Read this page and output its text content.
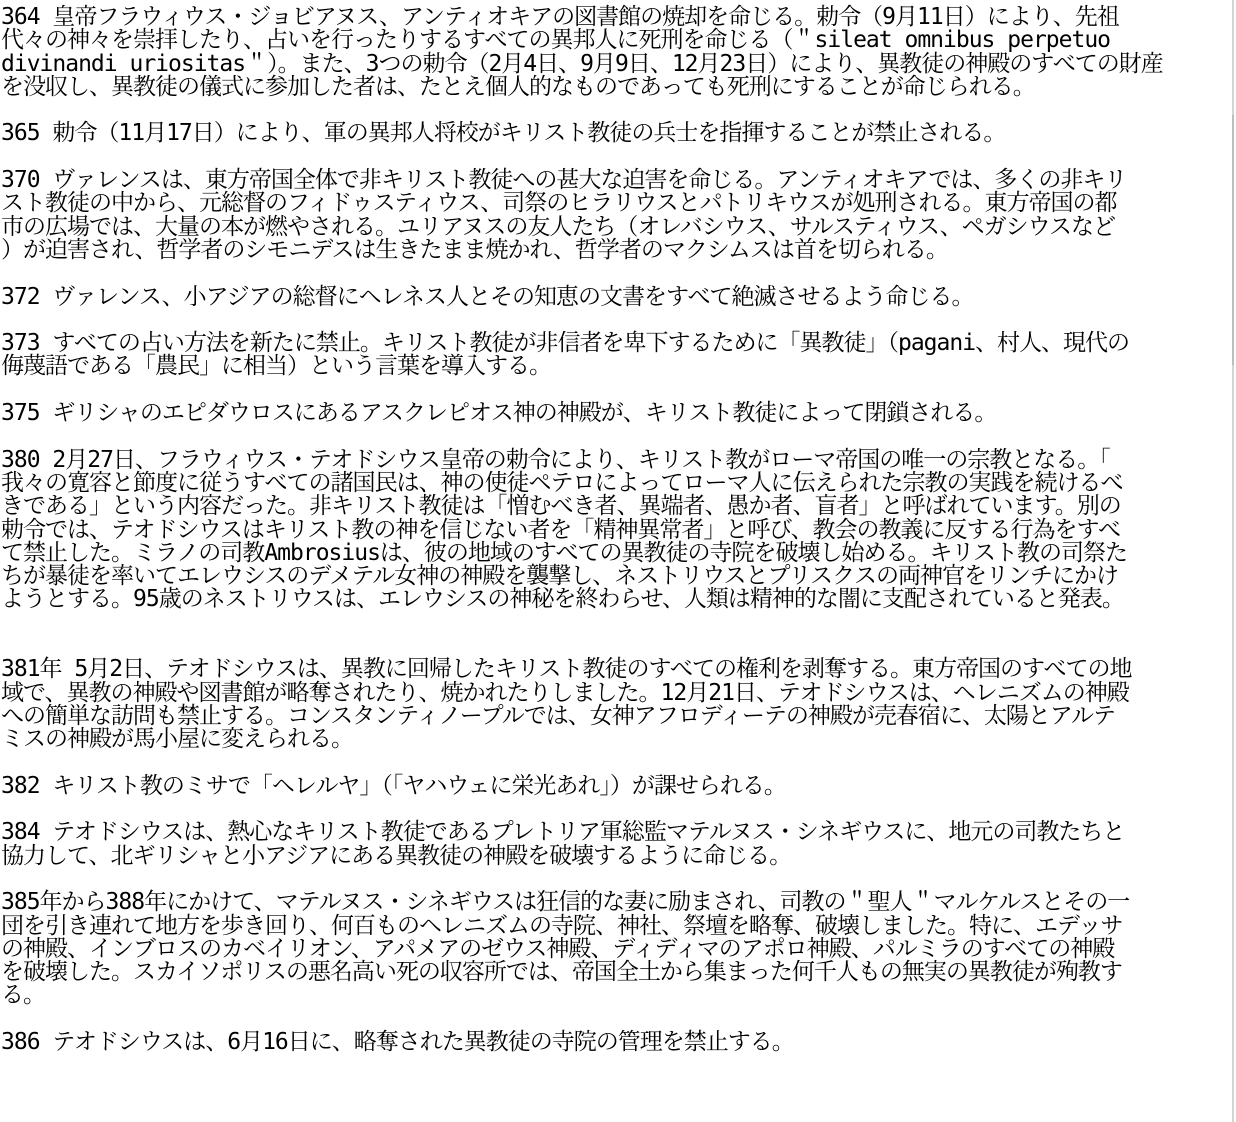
364 皇帝フラウィウス・ジョビアヌス、アンティオキアの図書館の焼却を命じる。勅令（9月11日）により、先祖
代々の神々を崇拝したり、占いを行ったりするすべての異邦人に死刑を命じる（＂sileat omnibus perpetuo
divinandi uriositas＂）。また、3つの勅令（2月4日、9月9日、12月23日）により、異教徒の神殿のすべての財産
を没収し、異教徒の儀式に参加した者は、たとえ個人的なものであっても死刑にすることが命じられる。
365 勅令（11月17日）により、軍の異邦人将校がキリスト教徒の兵士を指揮することが禁止される。
370 ヴァレンスは、東方帝国全体で非キリスト教徒への甚大な迫害を命じる。アンティオキアでは、多くの非キリ
スト教徒の中から、元総督のフィドゥスティウス、司祭のヒラリウスとパトリキウスが処刑される。東方帝国の都
市の広場では、大量の本が燃やされる。ユリアヌスの友人たち（オレバシウス、サルスティウス、ペガシウスなど
）が迫害され、哲学者のシモニデスは生きたまま焼かれ、哲学者のマクシムスは首を切られる。
372 ヴァレンス、小アジアの総督にヘレネス人とその知恵の文書をすべて絶滅させるよう命じる。
373 すべての占い方法を新たに禁止。キリスト教徒が非信者を卑下するために「異教徒」（pagani、村人、現代の
侮蔑語である「農民」に相当）という言葉を導入する。
375 ギリシャのエピダウロスにあるアスクレピオス神の神殿が、キリスト教徒によって閉鎖される。
380 2月27日、フラウィウス・テオドシウス皇帝の勅令により、キリスト教がローマ帝国の唯一の宗教となる。「
我々の寛容と節度に従うすべての諸国民は、神の使徒ペテロによってローマ人に伝えられた宗教の実践を続けるべ
きである」という内容だった。非キリスト教徒は「憎むべき者、異端者、愚か者、盲者」と呼ばれています。別の
勅令では、テオドシウスはキリスト教の神を信じない者を「精神異常者」と呼び、教会の教義に反する行為をすべ
て禁止した。ミラノの司教Ambrosiusは、彼の地域のすべての異教徒の寺院を破壊し始める。キリスト教の司祭た
ちが暴徒を率いてエレウシスのデメテル女神の神殿を襲撃し、ネストリウスとプリスクスの両神官をリンチにかけ
ようとする。95歳のネストリウスは、エレウシスの神秘を終わらせ、人類は精神的な闇に支配されていると発表。
381年 5月2日、テオドシウスは、異教に回帰したキリスト教徒のすべての権利を剥奪する。東方帝国のすべての地
域で、異教の神殿や図書館が略奪されたり、焼かれたりしました。12月21日、テオドシウスは、ヘレニズムの神殿
への簡単な訪問も禁止する。コンスタンティノープルでは、女神アフロディーテの神殿が売春宿に、太陽とアルテ
ミスの神殿が馬小屋に変えられる。
382 キリスト教のミサで「ヘレルヤ」（「ヤハウェに栄光あれ」）が課せられる。
384 テオドシウスは、熱心なキリスト教徒であるプレトリア軍総監マテルヌス・シネギウスに、地元の司教たちと
協力して、北ギリシャと小アジアにある異教徒の神殿を破壊するように命じる。
385年から388年にかけて、マテルヌス・シネギウスは狂信的な妻に励まされ、司教の＂聖人＂マルケルスとその一
団を引き連れて地方を歩き回り、何百ものヘレニズムの寺院、神社、祭壇を略奪、破壊しました。特に、エデッサ
の神殿、インブロスのカベイリオン、アパメアのゼウス神殿、ディディマのアポロ神殿、パルミラのすべての神殿
を破壊した。スカイソポリスの悪名高い死の収容所では、帝国全土から集まった何千人もの無実の異教徒が殉教す
る。
386 テオドシウスは、6月16日に、略奪された異教徒の寺院の管理を禁止する。
